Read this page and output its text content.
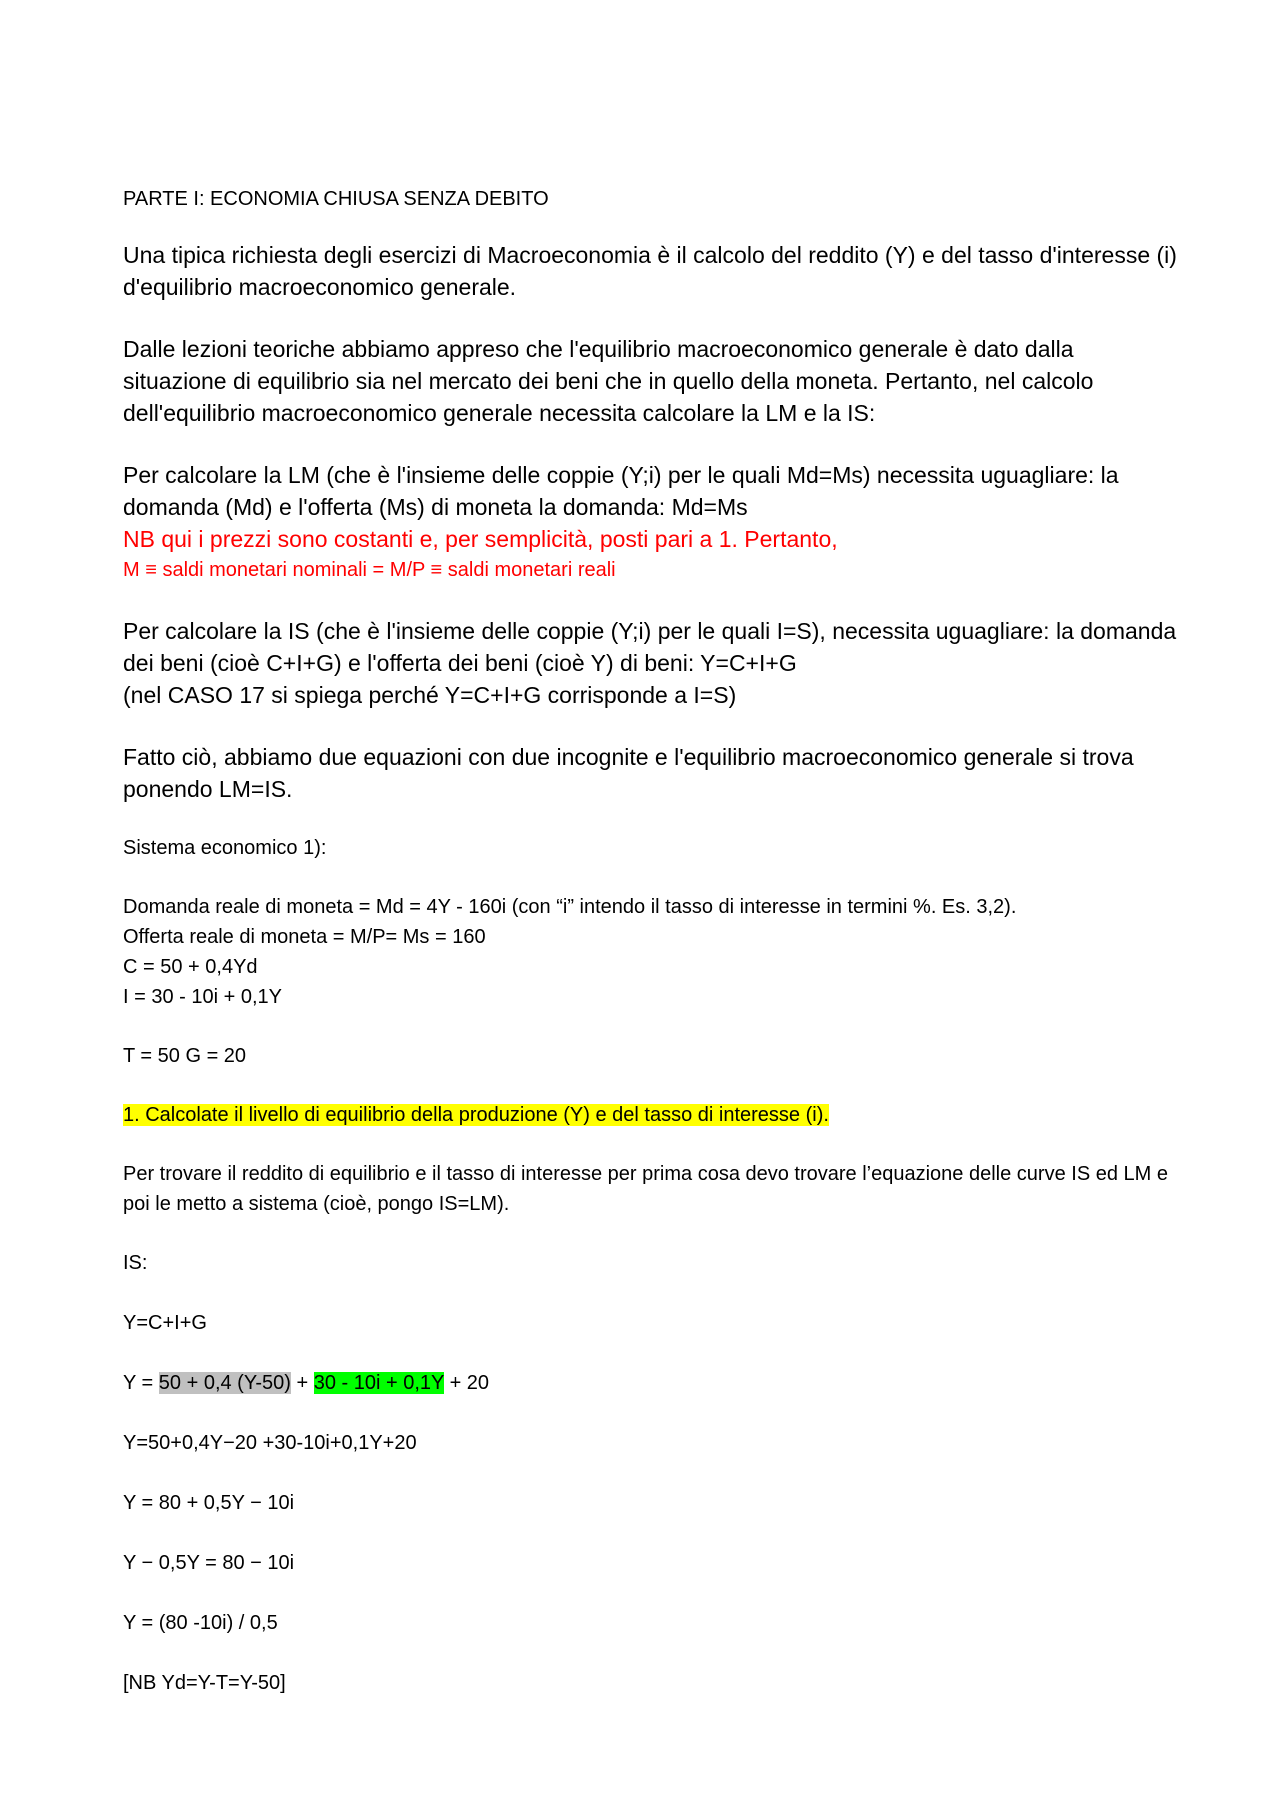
PARTE I: ECONOMIA CHIUSA SENZA DEBITO

Una tipica richiesta degli esercizi di Macroeconomia è il calcolo del reddito (Y) e del tasso d'interesse (i) d'equilibrio macroeconomico generale.

Dalle lezioni teoriche abbiamo appreso che l'equilibrio macroeconomico generale è dato dalla situazione di equilibrio sia nel mercato dei beni che in quello della moneta. Pertanto, nel calcolo dell'equilibrio macroeconomico generale necessita calcolare la LM e la IS:

Per calcolare la LM (che è l'insieme delle coppie (Y;i) per le quali Md=Ms) necessita uguagliare: la domanda (Md) e l'offerta (Ms) di moneta la domanda: Md=Ms

NB qui i prezzi sono costanti e, per semplicità, posti pari a 1. Pertanto,

M ≡ saldi monetari nominali = M/P ≡ saldi monetari reali

Per calcolare la IS (che è l'insieme delle coppie (Y;i) per le quali I=S), necessita uguagliare: la domanda dei beni (cioè C+I+G) e l'offerta dei beni (cioè Y) di beni: Y=C+I+G

(nel CASO 17 si spiega perché Y=C+I+G corrisponde a I=S)

Fatto ciò, abbiamo due equazioni con due incognite e l'equilibrio macroeconomico generale si trova ponendo LM=IS.

Sistema economico 1):

Domanda reale di moneta = Md = 4Y - 160i (con “i” intendo il tasso di interesse in termini %. Es. 3,2).

Offerta reale di moneta = M/P= Ms = 160

C = 50 + 0,4Yd

I = 30 - 10i + 0,1Y

T = 50 G = 20

1. Calcolate il livello di equilibrio della produzione (Y) e del tasso di interesse (i).

Per trovare il reddito di equilibrio e il tasso di interesse per prima cosa devo trovare l’equazione delle curve IS ed LM e poi le metto a sistema (cioè, pongo IS=LM).

IS:

Y=C+I+G

Y = 50 + 0,4 (Y-50) + 30 - 10i + 0,1Y + 20

Y=50+0,4Y−20 +30-10i+0,1Y+20

Y = 80 + 0,5Y − 10i

Y − 0,5Y = 80 − 10i

Y = (80 -10i) / 0,5

[NB Yd=Y-T=Y-50]
